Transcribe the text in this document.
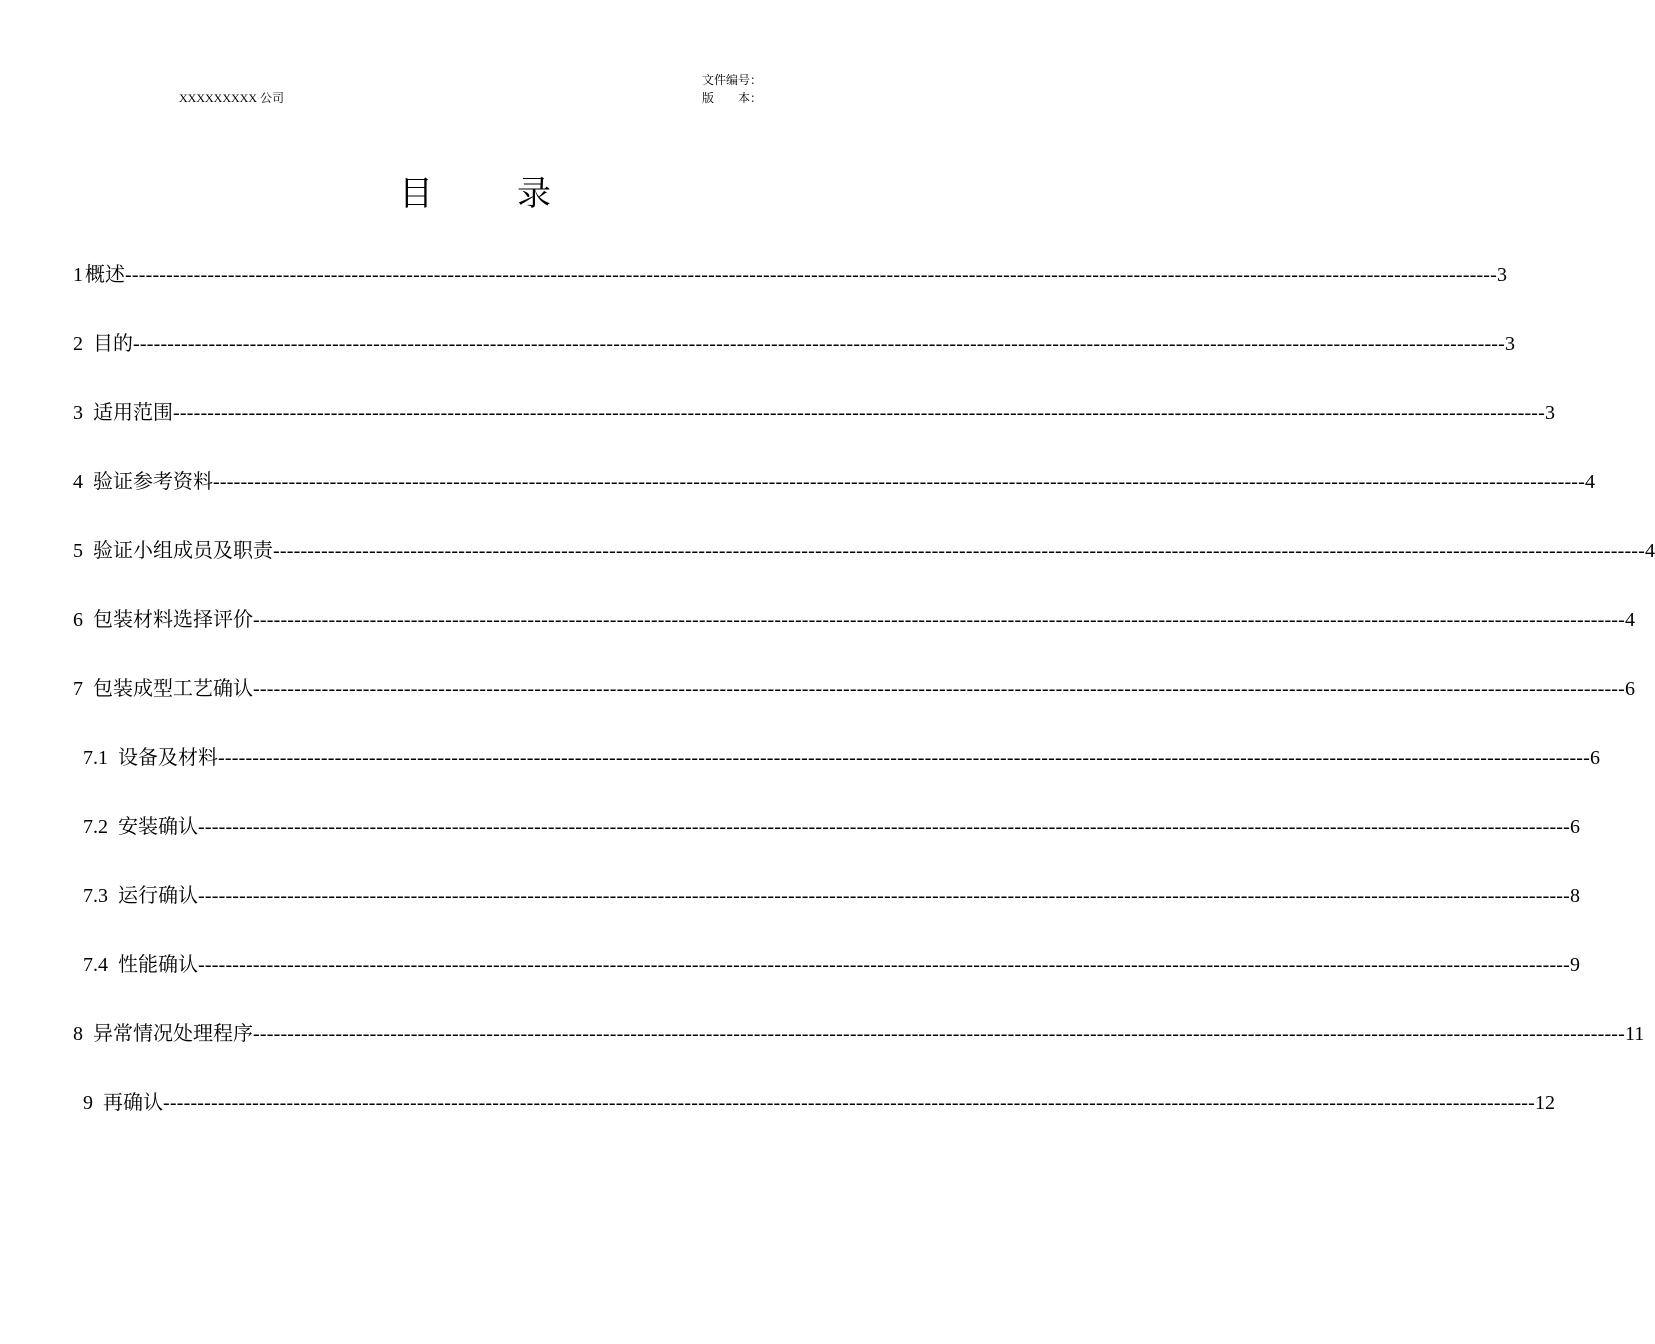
XXXXXXXXX 公司
文件编号：
版　　本：
目 录
1 概述 -------------------------------------------------------------------------------------------------------------------------------------------------------------------------------------------------------- 3
2 目的 -------------------------------------------------------------------------------------------------------------------------------------------------------------------------------------------------------- 3
3 适用范围 -------------------------------------------------------------------------------------------------------------------------------------------------------------------------------------------------------- 3
4 验证参考资料 -------------------------------------------------------------------------------------------------------------------------------------------------------------------------------------------------------- 4
5 验证小组成员及职责 -------------------------------------------------------------------------------------------------------------------------------------------------------------------------------------------------------- 4
6 包装材料选择评价 -------------------------------------------------------------------------------------------------------------------------------------------------------------------------------------------------------- 4
7 包装成型工艺确认 -------------------------------------------------------------------------------------------------------------------------------------------------------------------------------------------------------- 6
7.1 设备及材料 -------------------------------------------------------------------------------------------------------------------------------------------------------------------------------------------------------- 6
7.2 安装确认 -------------------------------------------------------------------------------------------------------------------------------------------------------------------------------------------------------- 6
7.3 运行确认 -------------------------------------------------------------------------------------------------------------------------------------------------------------------------------------------------------- 8
7.4 性能确认 -------------------------------------------------------------------------------------------------------------------------------------------------------------------------------------------------------- 9
8 异常情况处理程序 -------------------------------------------------------------------------------------------------------------------------------------------------------------------------------------------------------- 11
9 再确认 -------------------------------------------------------------------------------------------------------------------------------------------------------------------------------------------------------- 12
